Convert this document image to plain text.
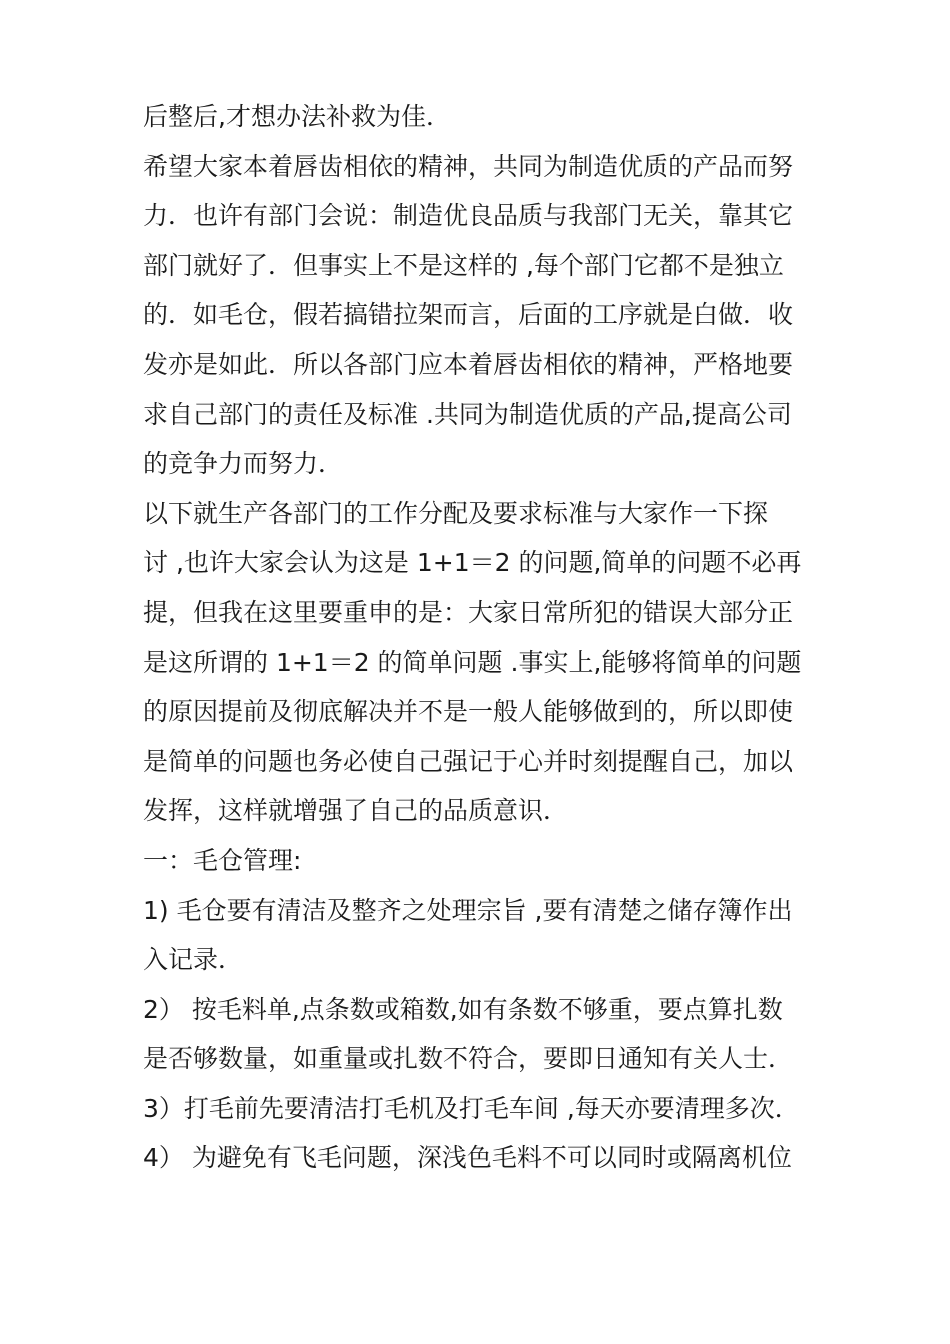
后整后,才想办法补救为佳．
希望大家本着唇齿相依的精神，共同为制造优质的产品而努
力．也许有部门会说：制造优良品质与我部门无关，靠其它
部门就好了．但事实上不是这样的 ,每个部门它都不是独立
的．如毛仓，假若搞错拉架而言，后面的工序就是白做．收
发亦是如此．所以各部门应本着唇齿相依的精神，严格地要
求自己部门的责任及标准 .共同为制造优质的产品,提高公司
的竞争力而努力．
以下就生产各部门的工作分配及要求标准与大家作一下探
讨 ,也许大家会认为这是 1+1＝2 的问题,简单的问题不必再
提，但我在这里要重申的是：大家日常所犯的错误大部分正
是这所谓的 1+1＝2 的简单问题 .事实上,能够将简单的问题
的原因提前及彻底解决并不是一般人能够做到的，所以即使
是简单的问题也务必使自己强记于心并时刻提醒自己，加以
发挥，这样就增强了自己的品质意识．
一：毛仓管理:
1) 毛仓要有清洁及整齐之处理宗旨 ,要有清楚之储存簿作出
入记录．
2） 按毛料单,点条数或箱数,如有条数不够重，要点算扎数
是否够数量，如重量或扎数不符合，要即日通知有关人士．
3）打毛前先要清洁打毛机及打毛车间 ,每天亦要清理多次．
4） 为避免有飞毛问题，深浅色毛料不可以同时或隔离机位
